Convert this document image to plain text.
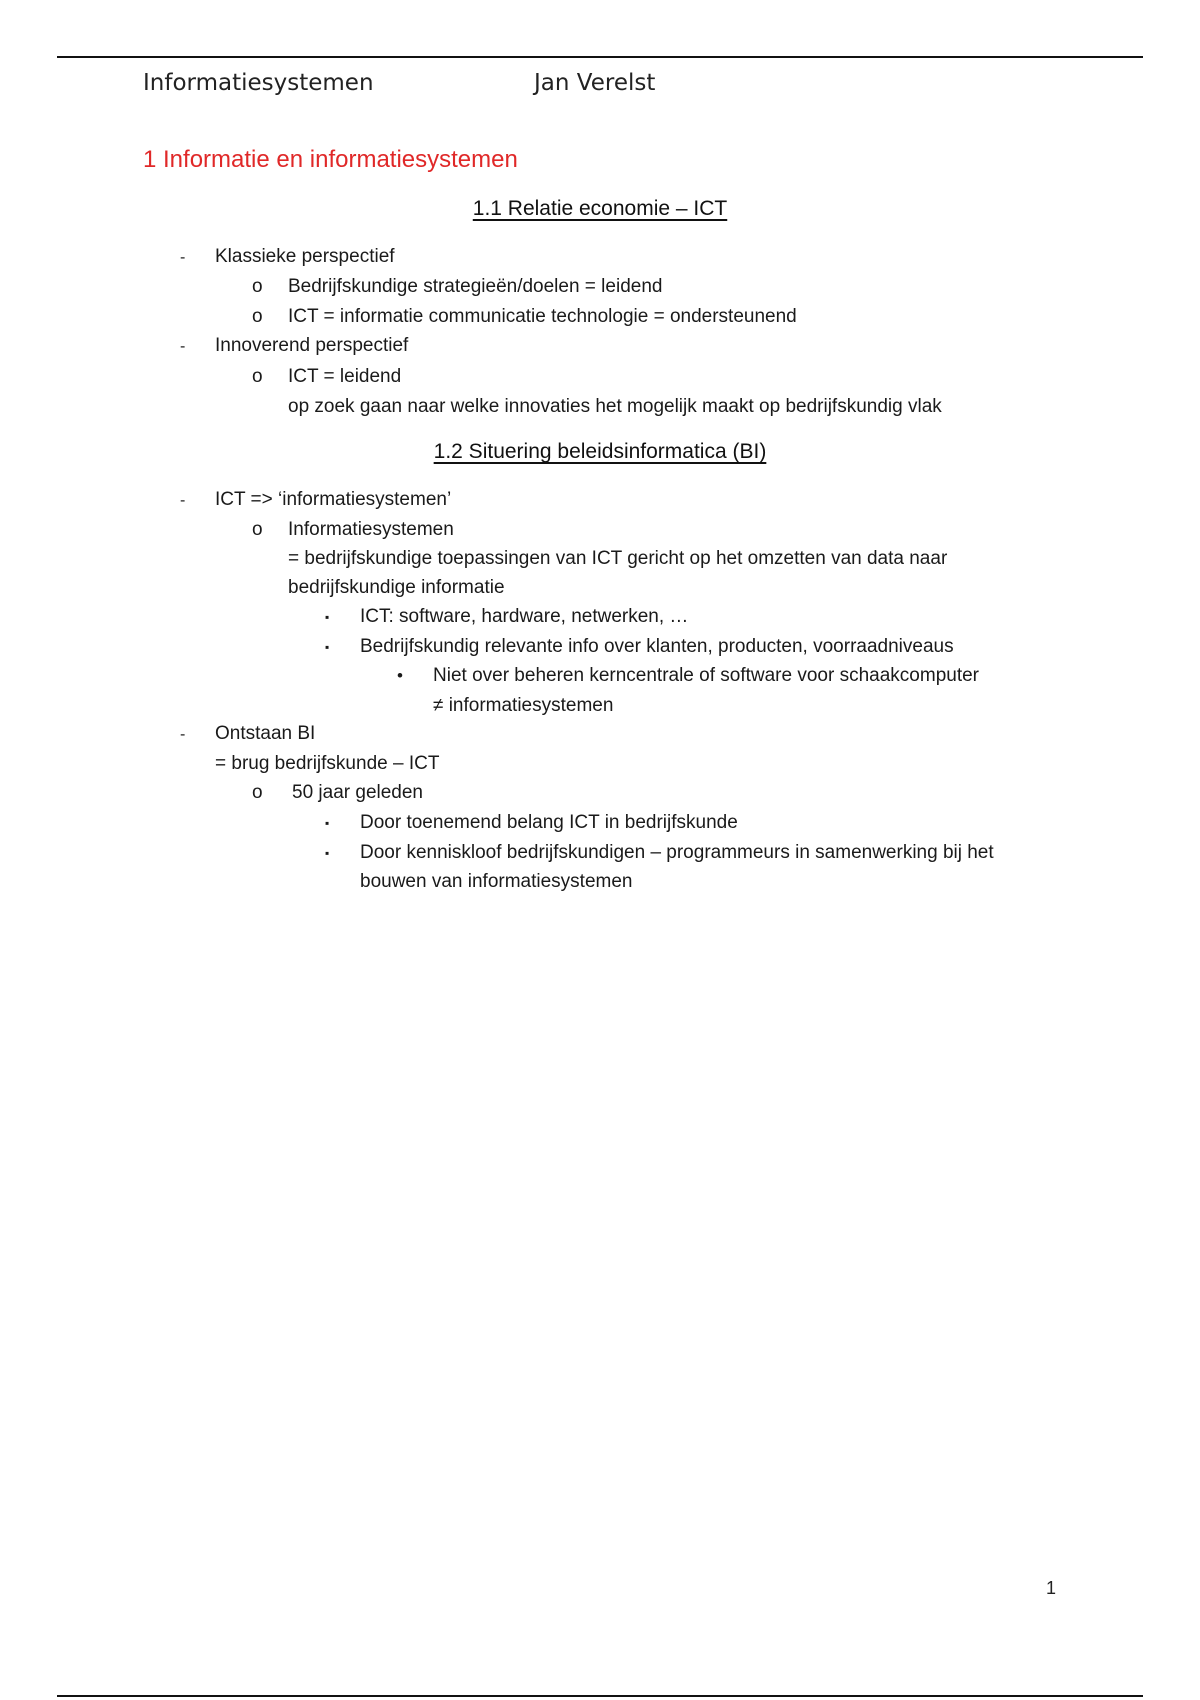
Informatiesystemen	Jan Verelst
1 Informatie en informatiesystemen
1.1 Relatie economie – ICT
- Klassieke perspectief
o Bedrijfskundige strategieën/doelen = leidend
o ICT = informatie communicatie technologie = ondersteunend
- Innoverend perspectief
o ICT = leidend
op zoek gaan naar welke innovaties het mogelijk maakt op bedrijfskundig vlak
1.2 Situering beleidsinformatica (BI)
- ICT => ‘informatiesystemen’
o Informatiesystemen
= bedrijfskundige toepassingen van ICT gericht op het omzetten van data naar
bedrijfskundige informatie
▪ ICT: software, hardware, netwerken, …
▪ Bedrijfskundig relevante info over klanten, producten, voorraadniveaus
• Niet over beheren kerncentrale of software voor schaakcomputer
≠ informatiesystemen
- Ontstaan BI
= brug bedrijfskunde – ICT
o 50 jaar geleden
▪ Door toenemend belang ICT in bedrijfskunde
▪ Door kenniskloof bedrijfskundigen – programmeurs in samenwerking bij het
bouwen van informatiesystemen
1
